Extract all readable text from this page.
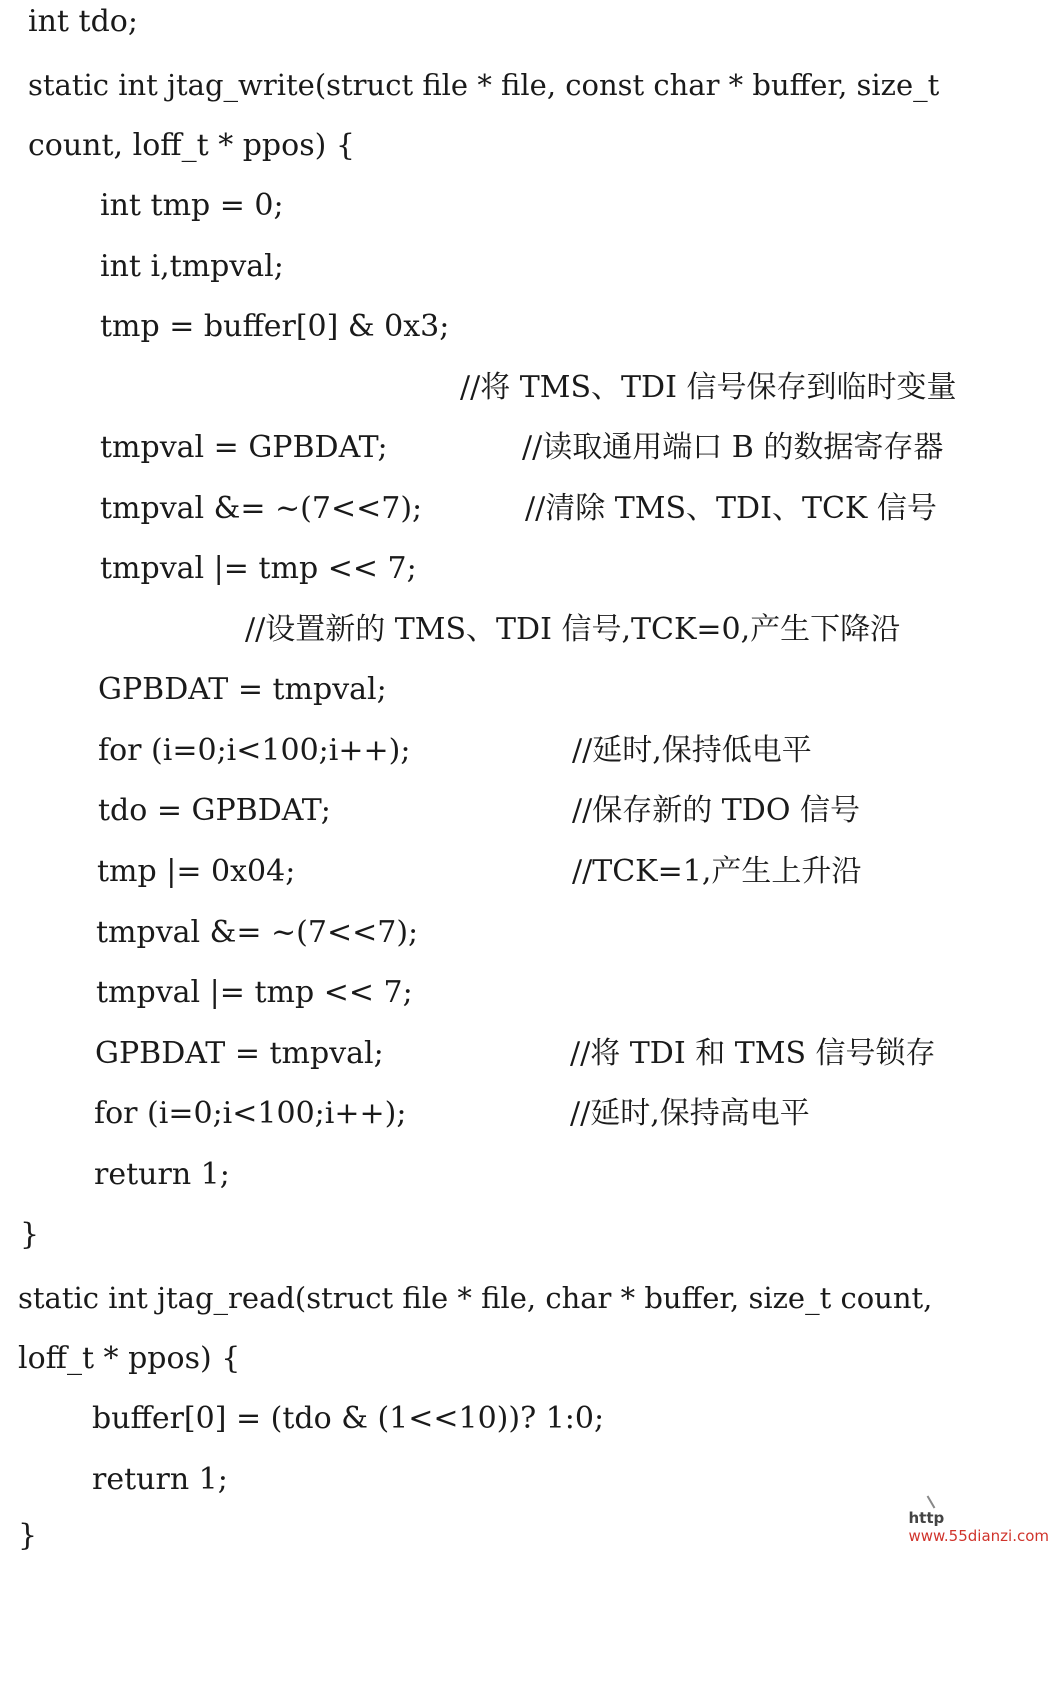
int tdo;

static int jtag_write(struct file * file, const char * buffer, size_t

count, loff_t * ppos) {

int tmp = 0;

int i,tmpval;

tmp = buffer[0] & 0x3;

//将 TMS、TDI 信号保存到临时变量

tmpval = GPBDAT;

	//读取通用端口 B 的数据寄存器

tmpval &= ~(7<<7);

	//清除 TMS、TDI、TCK 信号

tmpval |= tmp << 7;

//设置新的 TMS、TDI 信号,TCK=0,产生下降沿

GPBDAT = tmpval;

for (i=0;i<100;i++);

	//延时,保持低电平

tdo = GPBDAT;

	//保存新的 TDO 信号

tmp |= 0x04;

	//TCK=1,产生上升沿

tmpval &= ~(7<<7);

tmpval |= tmp << 7;

GPBDAT = tmpval;

	//将 TDI 和 TMS 信号锁存

for (i=0;i<100;i++);

	//延时,保持高电平

return 1;

}

static int jtag_read(struct file * file, char * buffer, size_t count,

loff_t * ppos) {

buffer[0] = (tdo & (1<<10))? 1:0;

return 1;

}

	http
www.55dianzi.com
